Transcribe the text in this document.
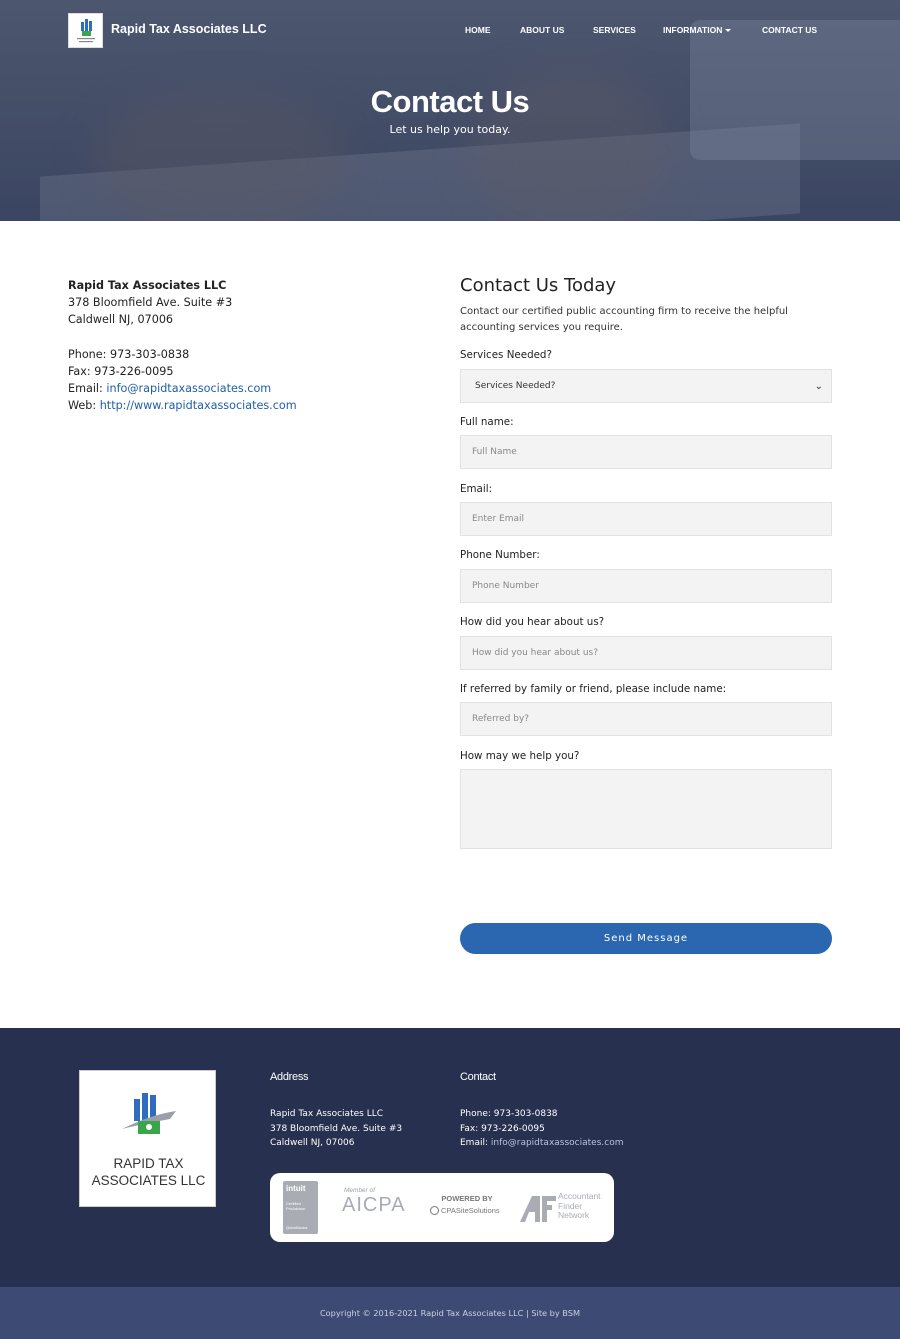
Rapid Tax Associates LLC	HOME	ABOUT US	SERVICES	INFORMATION	CONTACT US
Contact Us
Let us help you today.
Rapid Tax Associates LLC
378 Bloomfield Ave. Suite #3
Caldwell NJ, 07006
Phone: 973-303-0838
Fax: 973-226-0095
Email: info@rapidtaxassociates.com
Web: http://www.rapidtaxassociates.com
Contact Us Today

Contact our certified public accounting firm to receive the helpful accounting services you require.

Services Needed?
Services Needed?	⌄
Full name:
Full Name
Email:
Enter Email
Phone Number:
Phone Number
How did you hear about us?
How did you hear about us?
If referred by family or friend, please include name:
Referred by?
How may we help you?
Send Message
RAPID TAX ASSOCIATES LLC
Address
Rapid Tax Associates LLC
378 Bloomfield Ave. Suite #3
Caldwell NJ, 07006
Contact
Phone: 973-303-0838
Fax: 973-226-0095
Email: info@rapidtaxassociates.com
intuit
Certified ProAdvisor
QuickBooks
Member of
AICPA	POWERED BY
CPASiteSolutions
Accountant Finder Network
Copyright © 2016-2021 Rapid Tax Associates LLC | Site by BSM
